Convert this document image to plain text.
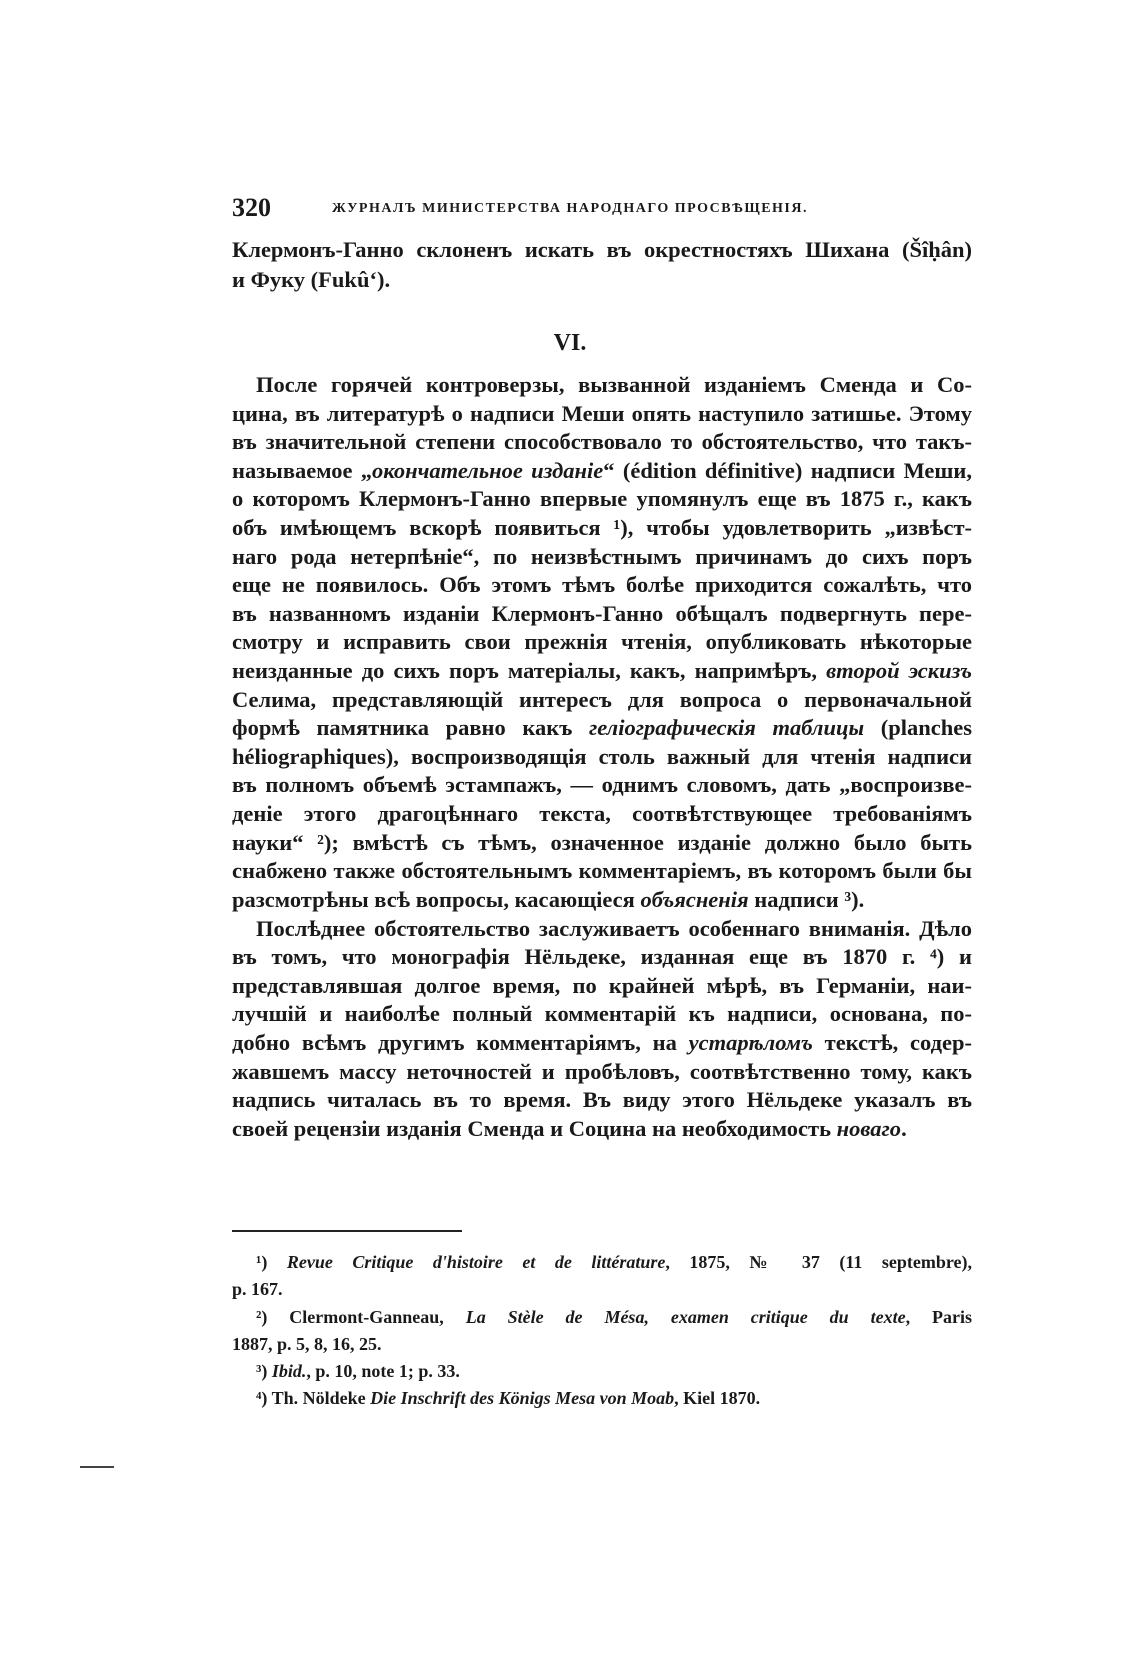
320	ЖУРНАЛЪ МИНИСТЕРСТВА НАРОДНАГО ПРОСВѢЩЕНІЯ.
Клермонъ-Ганно склоненъ искать въ окрестностяхъ Шихана (Šîḥân)
и Фуку (Fukû‘).
VI.
После горячей контроверзы, вызванной изданіемъ Сменда и Со-
цина, въ литературѣ о надписи Меши опять наступило затишье. Этому
въ значительной степени способствовало то обстоятельство, что такъ-
называемое „окончательное изданіе“ (édition définitive) надписи Меши,
о которомъ Клермонъ-Ганно впервые упомянулъ еще въ 1875 г., какъ
объ имѣющемъ вскорѣ появиться ¹), чтобы удовлетворить „извѣст-
наго рода нетерпѣніе“, по неизвѣстнымъ причинамъ до сихъ поръ
еще не появилось. Объ этомъ тѣмъ болѣе приходится сожалѣть, что
въ названномъ изданіи Клермонъ-Ганно обѣщалъ подвергнуть пере-
смотру и исправить свои прежнія чтенія, опубликовать нѣкоторые
неизданные до сихъ поръ матеріалы, какъ, напримѣръ, второй эскизъ
Селима, представляющій интересъ для вопроса о первоначальной
формѣ памятника равно какъ геліографическія таблицы (planches
héliographiques), воспроизводящія столь важный для чтенія надписи
въ полномъ объемѣ эстампажъ, — однимъ словомъ, дать „воспроизве-
деніе этого драгоцѣннаго текста, соотвѣтствующее требованіямъ
науки“ ²); вмѣстѣ съ тѣмъ, означенное изданіе должно было быть
снабжено также обстоятельнымъ комментаріемъ, въ которомъ были бы
разсмотрѣны всѣ вопросы, касающіеся объясненія надписи ³).
Послѣднее обстоятельство заслуживаетъ особеннаго вниманія. Дѣло
въ томъ, что монографія Нёльдеке, изданная еще въ 1870 г. ⁴) и
представлявшая долгое время, по крайней мѣрѣ, въ Германіи, наи-
лучшій и наиболѣе полный комментарій къ надписи, основана, по-
добно всѣмъ другимъ комментаріямъ, на устарѣломъ текстѣ, содер-
жавшемъ массу неточностей и пробѣловъ, соотвѣтственно тому, какъ
надпись читалась въ то время. Въ виду этого Нёльдеке указалъ въ
своей рецензіи изданія Сменда и Социна на необходимость новаго.
¹) Revue Critique d'histoire et de littérature, 1875, № 37 (11 septembre),
p. 167.
²) Clermont-Ganneau, La Stèle de Mésa, examen critique du texte, Paris
1887, p. 5, 8, 16, 25.
³) Ibid., p. 10, note 1; p. 33.
⁴) Th. Nöldeke Die Inschrift des Königs Mesa von Moab, Kiel 1870.
